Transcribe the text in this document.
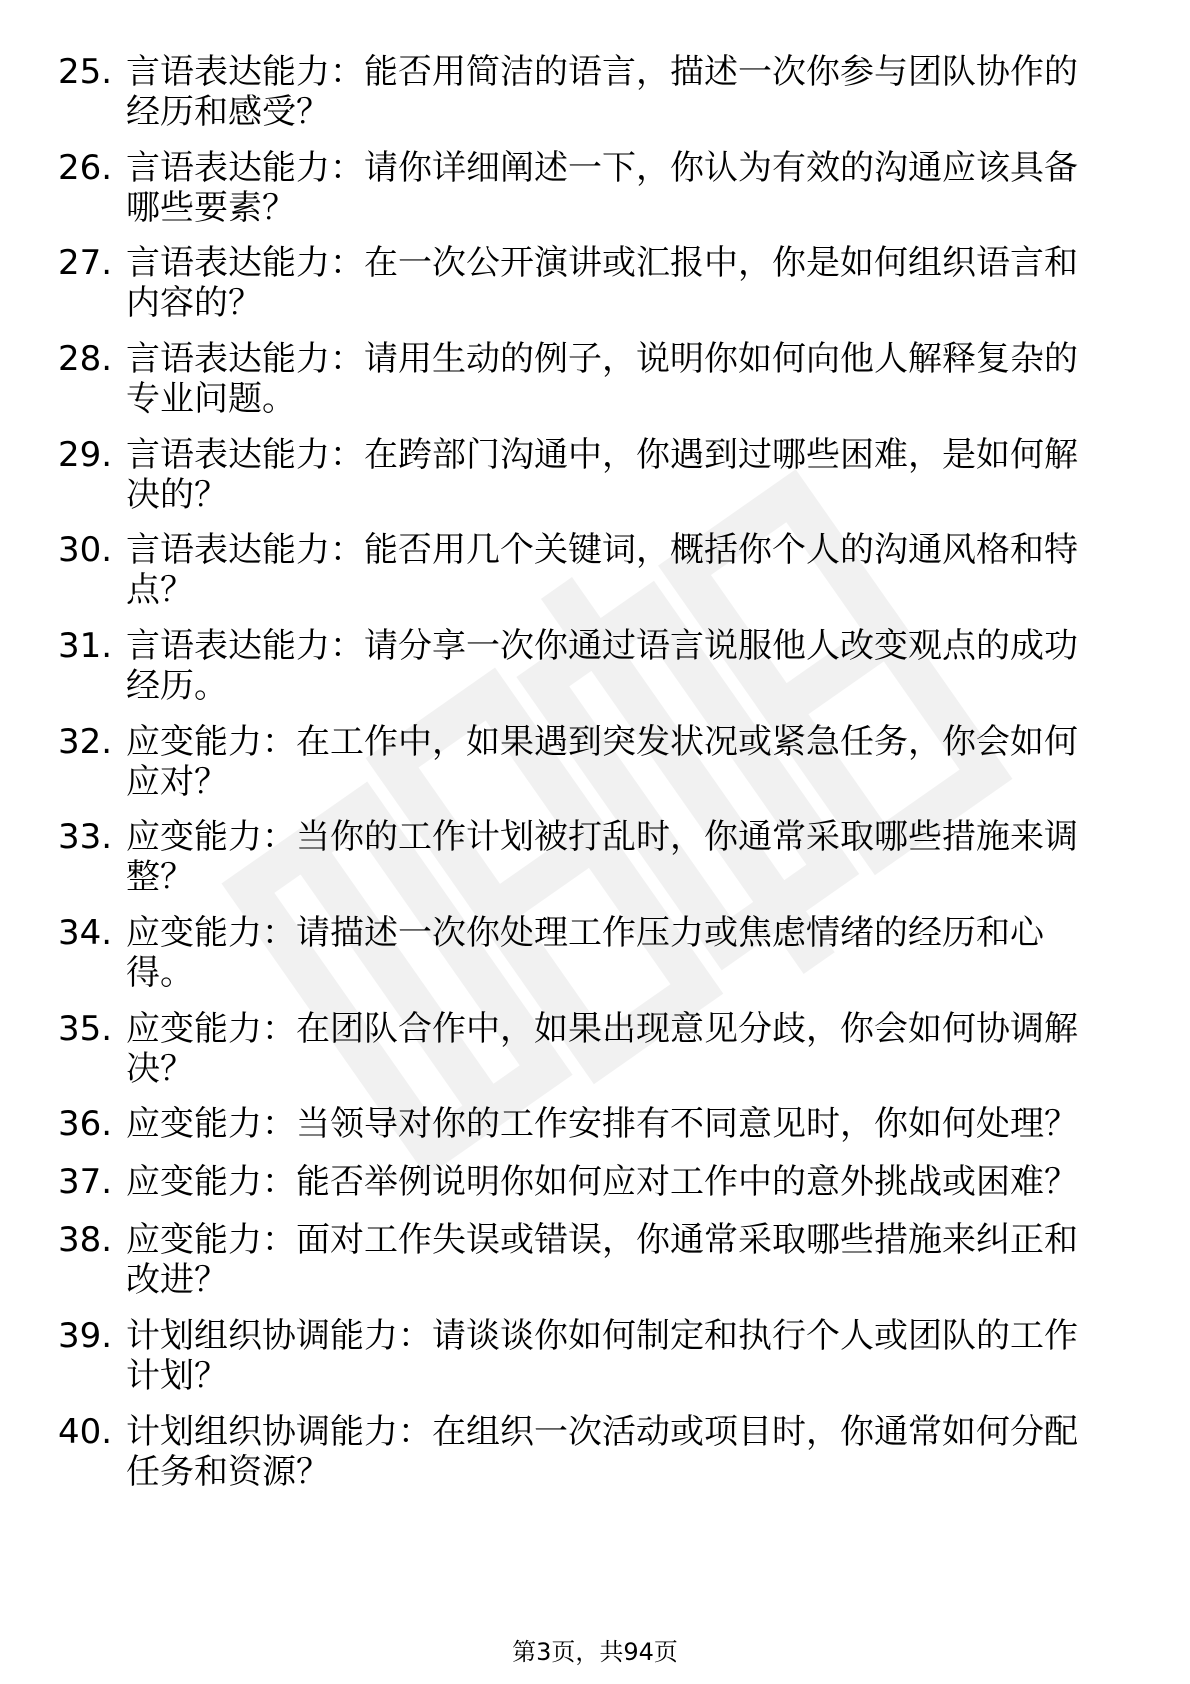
25. 言语表达能力：能否用简洁的语言，描述一次你参与团队协作的经历和感受？
26. 言语表达能力：请你详细阐述一下，你认为有效的沟通应该具备哪些要素？
27. 言语表达能力：在一次公开演讲或汇报中，你是如何组织语言和内容的？
28. 言语表达能力：请用生动的例子，说明你如何向他人解释复杂的专业问题。
29. 言语表达能力：在跨部门沟通中，你遇到过哪些困难，是如何解决的？
30. 言语表达能力：能否用几个关键词，概括你个人的沟通风格和特点？
31. 言语表达能力：请分享一次你通过语言说服他人改变观点的成功经历。
32. 应变能力：在工作中，如果遇到突发状况或紧急任务，你会如何应对？
33. 应变能力：当你的工作计划被打乱时，你通常采取哪些措施来调整？
34. 应变能力：请描述一次你处理工作压力或焦虑情绪的经历和心得。
35. 应变能力：在团队合作中，如果出现意见分歧，你会如何协调解决？
36. 应变能力：当领导对你的工作安排有不同意见时，你如何处理？
37. 应变能力：能否举例说明你如何应对工作中的意外挑战或困难？
38. 应变能力：面对工作失误或错误，你通常采取哪些措施来纠正和改进？
39. 计划组织协调能力：请谈谈你如何制定和执行个人或团队的工作计划？
40. 计划组织协调能力：在组织一次活动或项目时，你通常如何分配任务和资源？
第3页，共94页
